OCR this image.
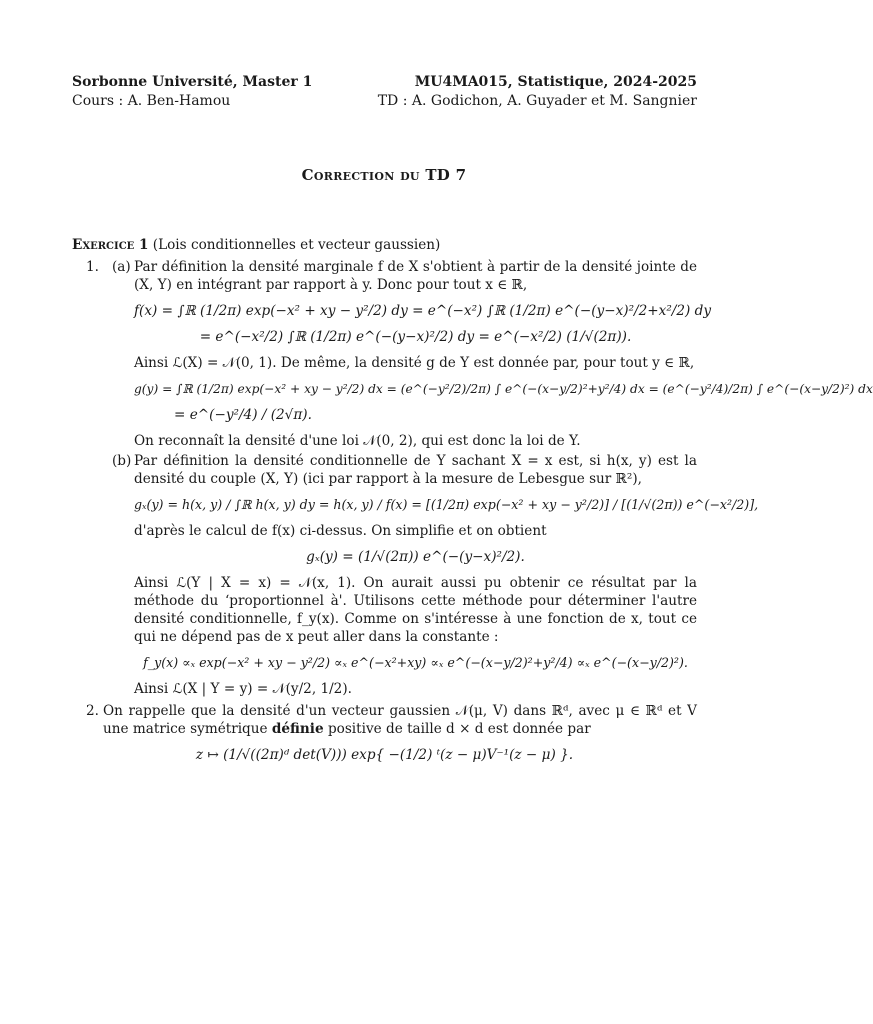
Sorbonne Université, Master 1	MU4MA015, Statistique, 2024-2025
Cours : A. Ben-Hamou	TD : A. Godichon, A. Guyader et M. Sangnier
Correction du TD 7
Exercice 1 (Lois conditionnelles et vecteur gaussien)
1. (a) Par définition la densité marginale f de X s'obtient à partir de la densité jointe de (X, Y) en intégrant par rapport à y. Donc pour tout x ∈ ℝ,
f(x) = ∫ℝ (1/2π) exp(−x² + xy − y²/2) dy = e^(−x²) ∫ℝ (1/2π) e^(−(y−x)²/2+x²/2) dy
= e^(−x²/2) ∫ℝ (1/2π) e^(−(y−x)²/2) dy = e^(−x²/2) (1/√(2π)).
Ainsi ℒ(X) = 𝒩(0, 1). De même, la densité g de Y est donnée par, pour tout y ∈ ℝ,
g(y) = ∫ℝ (1/2π) exp(−x² + xy − y²/2) dx = (e^(−y²/2)/2π) ∫ e^(−(x−y/2)²+y²/4) dx = (e^(−y²/4)/2π) ∫ e^(−(x−y/2)²) dx
= e^(−y²/4) / (2√π).
On reconnaît la densité d'une loi 𝒩(0, 2), qui est donc la loi de Y.
(b) Par définition la densité conditionnelle de Y sachant X = x est, si h(x, y) est la densité du couple (X, Y) (ici par rapport à la mesure de Lebesgue sur ℝ²),
gₓ(y) = h(x, y) / ∫ℝ h(x, y) dy = h(x, y) / f(x) = [(1/2π) exp(−x² + xy − y²/2)] / [(1/√(2π)) e^(−x²/2)],
d'après le calcul de f(x) ci-dessus. On simplifie et on obtient
gₓ(y) = (1/√(2π)) e^(−(y−x)²/2).
Ainsi ℒ(Y | X = x) = 𝒩(x, 1). On aurait aussi pu obtenir ce résultat par la méthode du ‘proportionnel à'. Utilisons cette méthode pour déterminer l'autre densité conditionnelle, f_y(x). Comme on s'intéresse à une fonction de x, tout ce qui ne dépend pas de x peut aller dans la constante :
f_y(x) ∝ₓ exp(−x² + xy − y²/2) ∝ₓ e^(−x²+xy) ∝ₓ e^(−(x−y/2)²+y²/4) ∝ₓ e^(−(x−y/2)²).
Ainsi ℒ(X | Y = y) = 𝒩(y/2, 1/2).
2. On rappelle que la densité d'un vecteur gaussien 𝒩(μ, V) dans ℝᵈ, avec μ ∈ ℝᵈ et V une matrice symétrique définie positive de taille d × d est donnée par
z ↦ (1/√((2π)ᵈ det(V))) exp{ −(1/2) ᵗ(z − μ)V⁻¹(z − μ) }.
